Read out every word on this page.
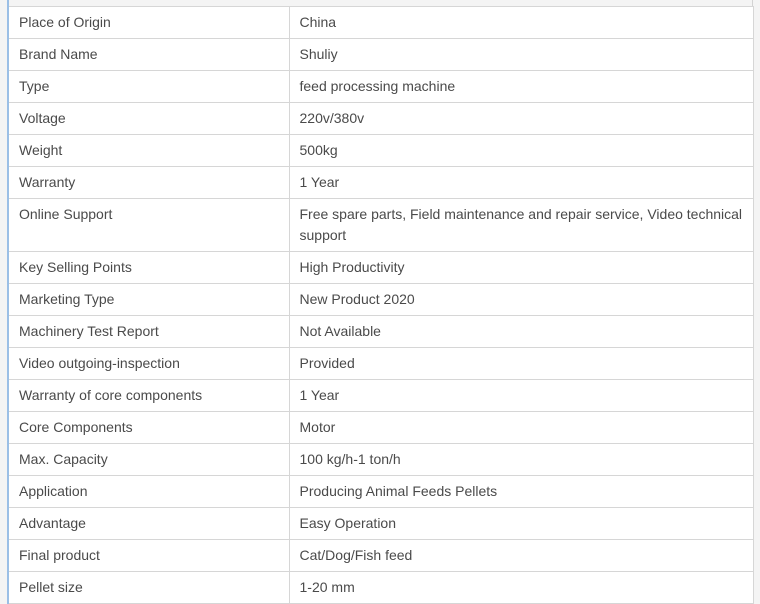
Place of Origin	China
Brand Name	Shuliy
Type	feed processing machine
Voltage	220v/380v
Weight	500kg
Warranty	1 Year
Online Support	Free spare parts, Field maintenance and repair service, Video technical support
Key Selling Points	High Productivity
Marketing Type	New Product 2020
Machinery Test Report	Not Available
Video outgoing-inspection	Provided
Warranty of core components	1 Year
Core Components	Motor
Max. Capacity	100 kg/h-1 ton/h
Application	Producing Animal Feeds Pellets
Advantage	Easy Operation
Final product	Cat/Dog/Fish feed
Pellet size	1-20 mm
